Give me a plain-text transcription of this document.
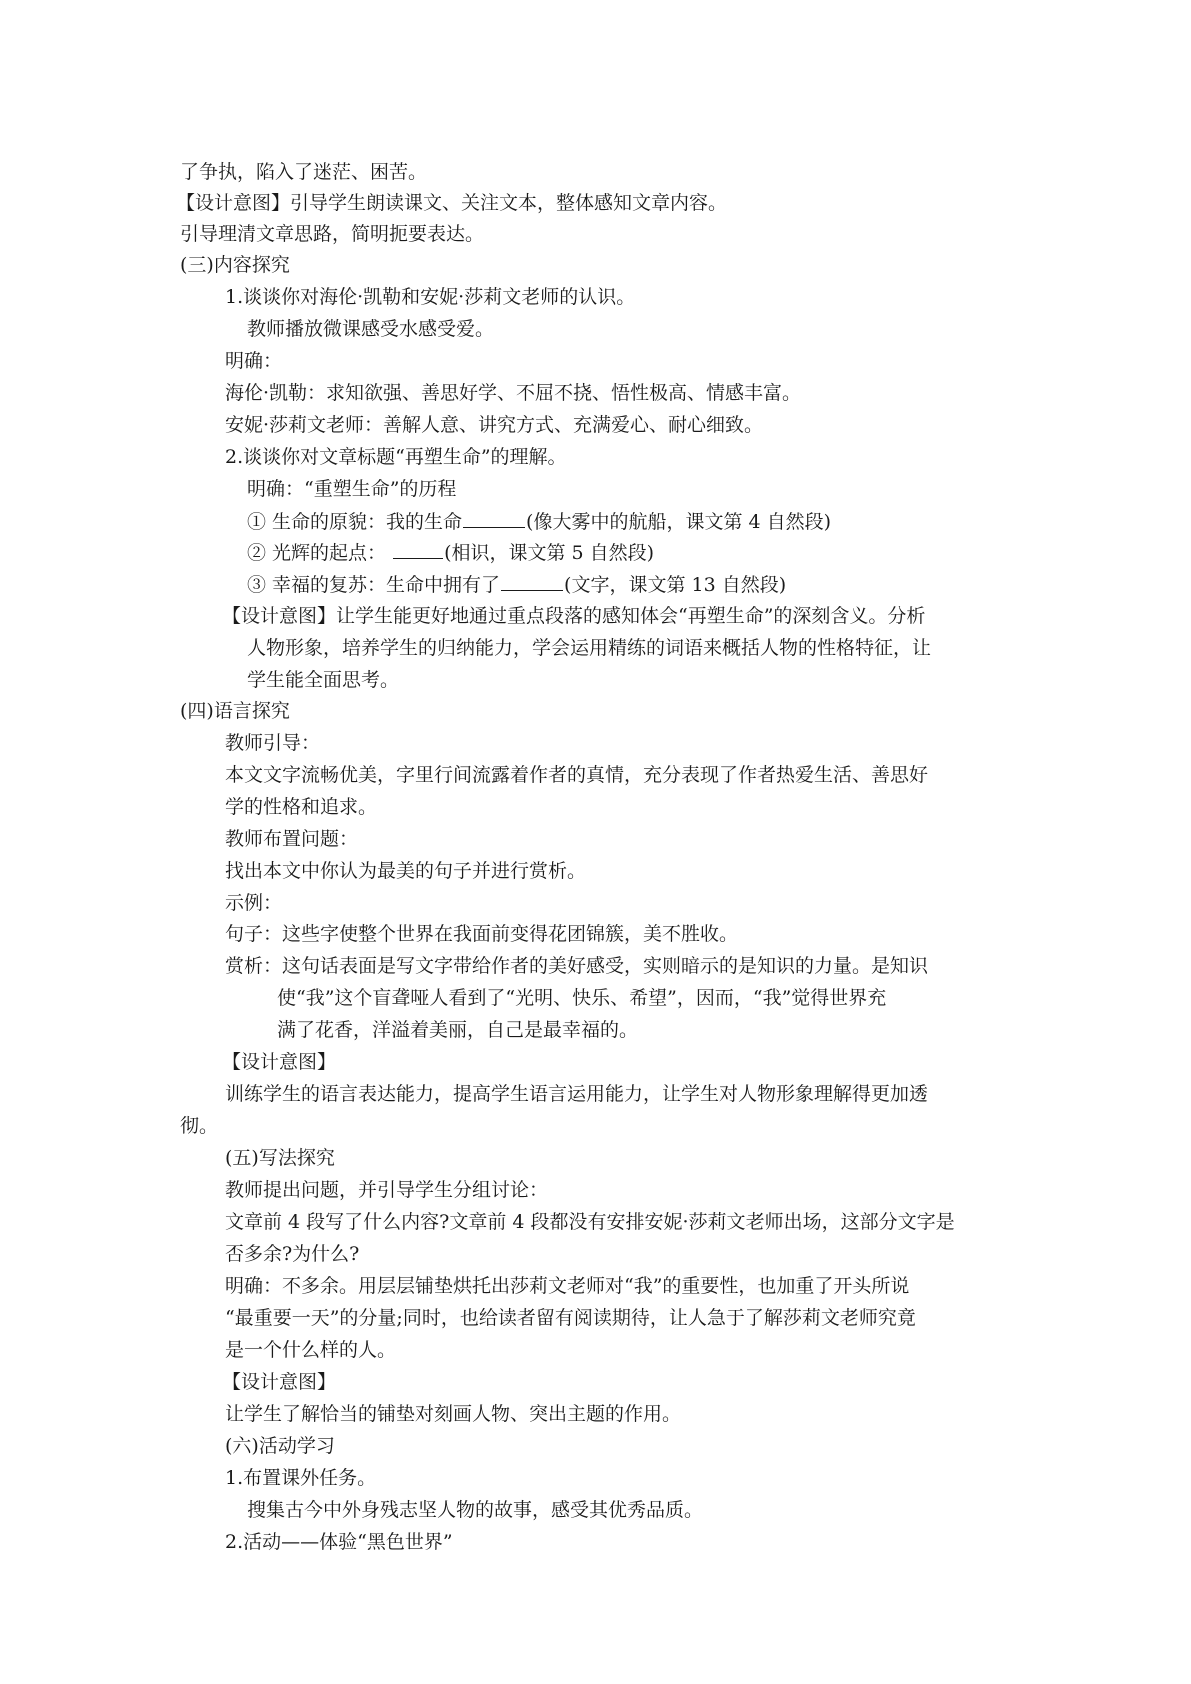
了争执，陷入了迷茫、困苦。
【设计意图】引导学生朗读课文、关注文本，整体感知文章内容。
引导理清文章思路，简明扼要表达。
(三)内容探究
1.谈谈你对海伦·凯勒和安妮·莎莉文老师的认识。
教师播放微课感受水感受爱。
明确：
海伦·凯勒：求知欲强、善思好学、不屈不挠、悟性极高、情感丰富。
安妮·莎莉文老师：善解人意、讲究方式、充满爱心、耐心细致。
2.谈谈你对文章标题“再塑生命”的理解。
明确：“重塑生命”的历程
① 生命的原貌：我的生命	(像大雾中的航船，课文第 4 自然段)
② 光辉的起点：	(相识，课文第 5 自然段)
③ 幸福的复苏：生命中拥有了	(文字，课文第 13 自然段)
【设计意图】让学生能更好地通过重点段落的感知体会“再塑生命”的深刻含义。分析
人物形象，培养学生的归纳能力，学会运用精练的词语来概括人物的性格特征，让
学生能全面思考。
(四)语言探究
教师引导：
本文文字流畅优美，字里行间流露着作者的真情，充分表现了作者热爱生活、善思好
学的性格和追求。
教师布置问题：
找出本文中你认为最美的句子并进行赏析。
示例：
句子：这些字使整个世界在我面前变得花团锦簇，美不胜收。
赏析：这句话表面是写文字带给作者的美好感受，实则暗示的是知识的力量。是知识
使“我”这个盲聋哑人看到了“光明、快乐、希望”，因而，“我”觉得世界充
满了花香，洋溢着美丽，自己是最幸福的。
【设计意图】
训练学生的语言表达能力，提高学生语言运用能力，让学生对人物形象理解得更加透
彻。
(五)写法探究
教师提出问题，并引导学生分组讨论：
文章前 4 段写了什么内容?文章前 4 段都没有安排安妮·莎莉文老师出场，这部分文字是
否多余?为什么?
明确：不多余。用层层铺垫烘托出莎莉文老师对“我”的重要性，也加重了开头所说
“最重要一天”的分量;同时，也给读者留有阅读期待，让人急于了解莎莉文老师究竟
是一个什么样的人。
【设计意图】
让学生了解恰当的铺垫对刻画人物、突出主题的作用。
(六)活动学习
1.布置课外任务。
搜集古今中外身残志坚人物的故事，感受其优秀品质。
2.活动——体验“黑色世界”
